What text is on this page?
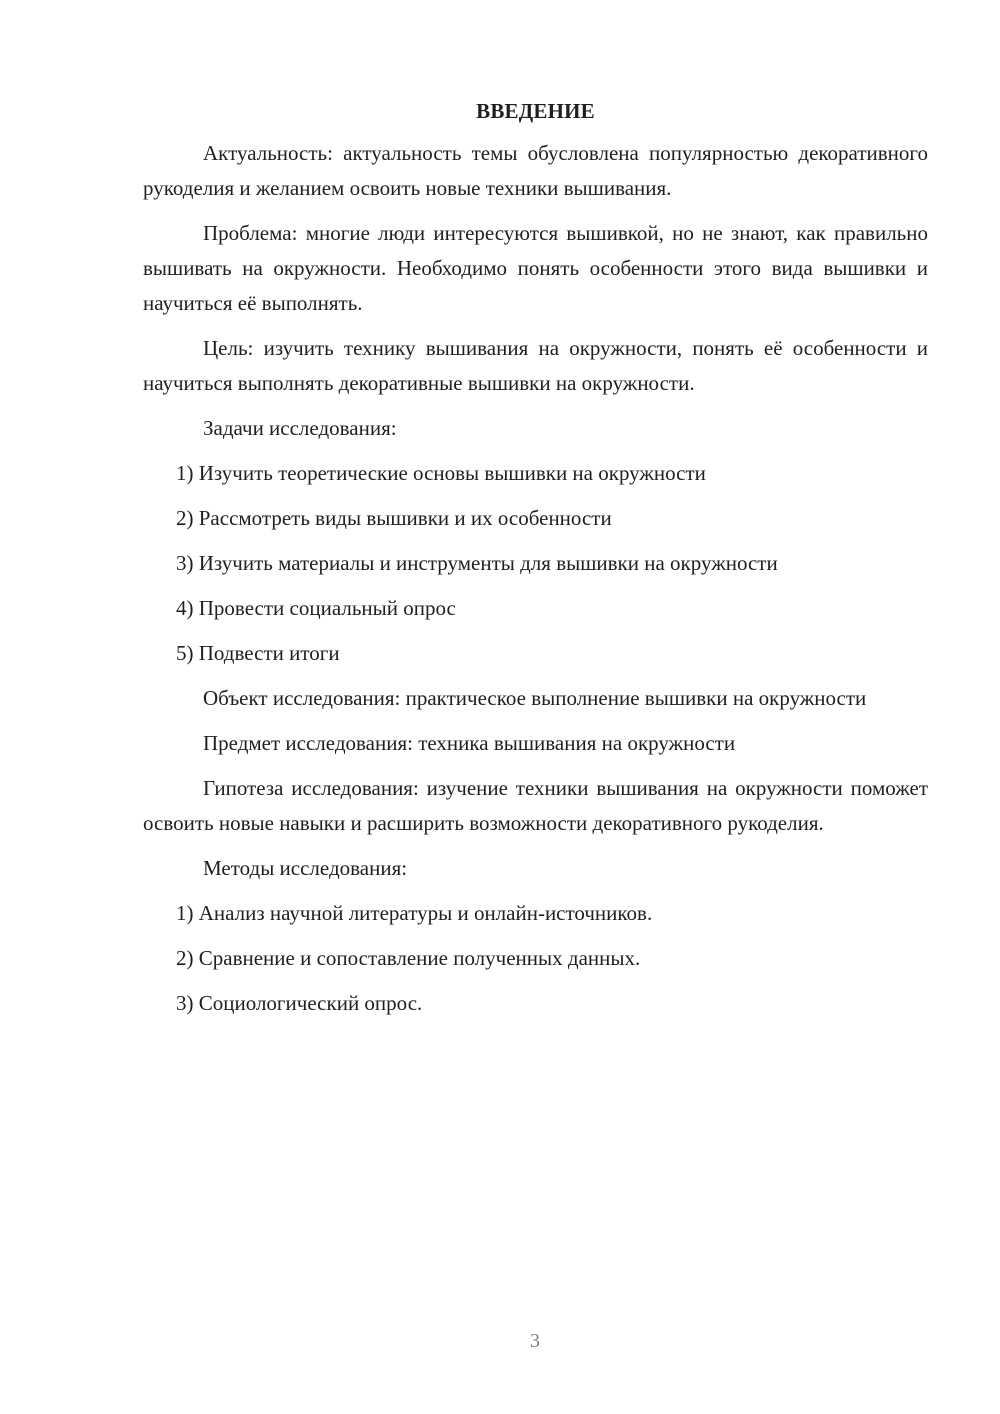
ВВЕДЕНИЕ
Актуальность: актуальность темы обусловлена популярностью декоративного рукоделия и желанием освоить новые техники вышивания.
Проблема: многие люди интересуются вышивкой, но не знают, как правильно вышивать на окружности. Необходимо понять особенности этого вида вышивки и научиться её выполнять.
Цель: изучить технику вышивания на окружности, понять её особенности и научиться выполнять декоративные вышивки на окружности.
Задачи исследования:
1) Изучить теоретические основы вышивки на окружности
2) Рассмотреть виды вышивки и их особенности
3) Изучить материалы и инструменты для вышивки на окружности
4) Провести социальный опрос
5) Подвести итоги
Объект исследования: практическое выполнение вышивки на окружности
Предмет исследования: техника вышивания на окружности
Гипотеза исследования: изучение техники вышивания на окружности поможет освоить новые навыки и расширить возможности декоративного рукоделия.
Методы исследования:
1) Анализ научной литературы и онлайн-источников.
2) Сравнение и сопоставление полученных данных.
3) Социологический опрос.
3
